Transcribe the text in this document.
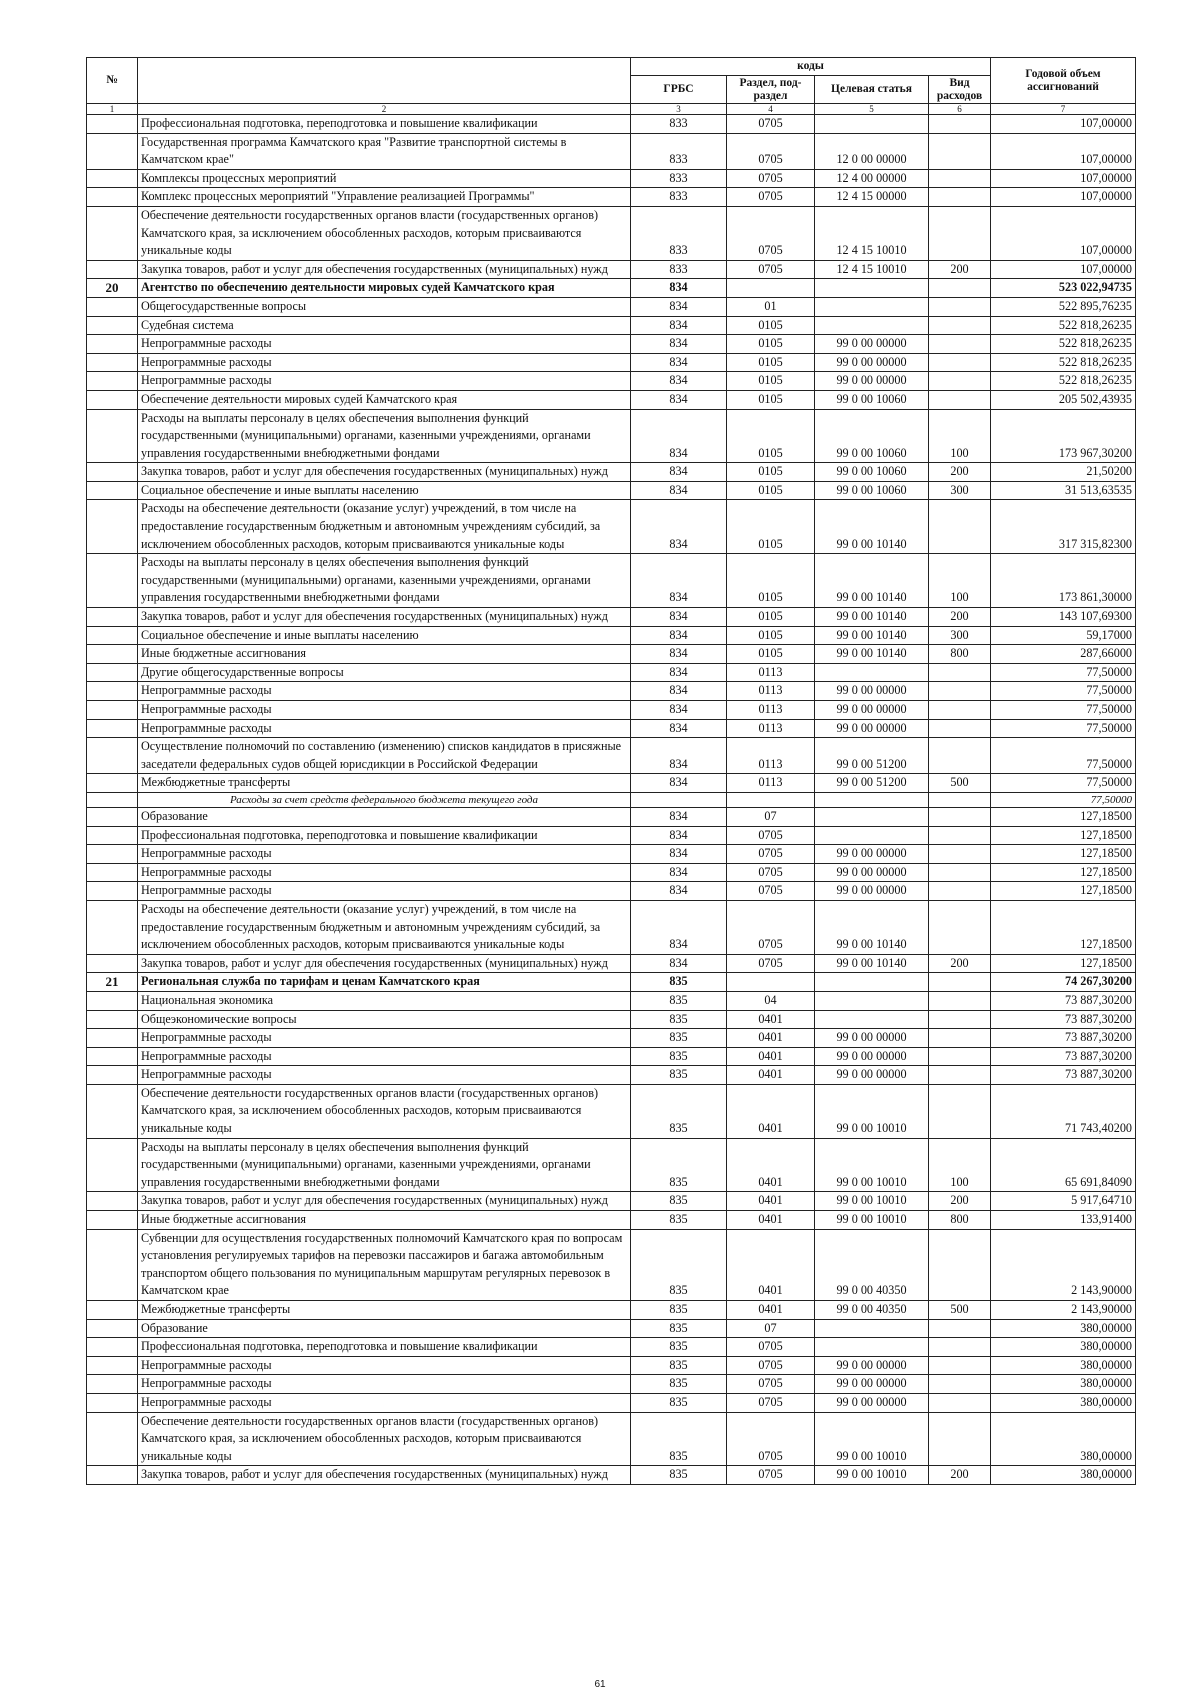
№		коды				Годовой объем ассигнований
		ГРБС	Раздел, под-раздел	Целевая статья	Вид расходов	
1	2	3	4	5	6	7
	Профессиональная подготовка, переподготовка и повышение квалификации	833	0705			107,00000
	Государственная программа Камчатского края "Развитие транспортной системы в Камчатском крае"	833	0705	12 0 00 00000		107,00000
	Комплексы процессных мероприятий	833	0705	12 4 00 00000		107,00000
	Комплекс процессных мероприятий "Управление реализацией Программы"	833	0705	12 4 15 00000		107,00000
	Обеспечение деятельности государственных органов власти (государственных органов) Камчатского края, за исключением обособленных расходов, которым присваиваются уникальные коды	833	0705	12 4 15 10010		107,00000
	Закупка товаров, работ и услуг для обеспечения государственных (муниципальных) нужд	833	0705	12 4 15 10010	200	107,00000
20	Агентство по обеспечению деятельности мировых судей Камчатского края	834				523 022,94735
	Общегосударственные вопросы	834	01			522 895,76235
	Судебная система	834	0105			522 818,26235
	Непрограммные расходы	834	0105	99 0 00 00000		522 818,26235
	Непрограммные расходы	834	0105	99 0 00 00000		522 818,26235
	Непрограммные расходы	834	0105	99 0 00 00000		522 818,26235
	Обеспечение деятельности мировых судей Камчатского края	834	0105	99 0 00 10060		205 502,43935
	Расходы на выплаты персоналу в целях обеспечения выполнения функций государственными (муниципальными) органами, казенными учреждениями, органами управления государственными внебюджетными фондами	834	0105	99 0 00 10060	100	173 967,30200
	Закупка товаров, работ и услуг для обеспечения государственных (муниципальных) нужд	834	0105	99 0 00 10060	200	21,50200
	Социальное обеспечение и иные выплаты населению	834	0105	99 0 00 10060	300	31 513,63535
	Расходы на обеспечение деятельности (оказание услуг) учреждений, в том числе на предоставление государственным бюджетным и автономным учреждениям субсидий, за исключением обособленных расходов, которым присваиваются уникальные коды	834	0105	99 0 00 10140		317 315,82300
	Расходы на выплаты персоналу в целях обеспечения выполнения функций государственными (муниципальными) органами, казенными учреждениями, органами управления государственными внебюджетными фондами	834	0105	99 0 00 10140	100	173 861,30000
	Закупка товаров, работ и услуг для обеспечения государственных (муниципальных) нужд	834	0105	99 0 00 10140	200	143 107,69300
	Социальное обеспечение и иные выплаты населению	834	0105	99 0 00 10140	300	59,17000
	Иные бюджетные ассигнования	834	0105	99 0 00 10140	800	287,66000
	Другие общегосударственные вопросы	834	0113			77,50000
	Непрограммные расходы	834	0113	99 0 00 00000		77,50000
	Непрограммные расходы	834	0113	99 0 00 00000		77,50000
	Непрограммные расходы	834	0113	99 0 00 00000		77,50000
	Осуществление полномочий по составлению (изменению) списков кандидатов в присяжные заседатели федеральных судов общей юрисдикции в Российской Федерации	834	0113	99 0 00 51200		77,50000
	Межбюджетные трансферты	834	0113	99 0 00 51200	500	77,50000
	Расходы за счет средств федерального бюджета текущего года					77,50000
	Образование	834	07			127,18500
	Профессиональная подготовка, переподготовка и повышение квалификации	834	0705			127,18500
	Непрограммные расходы	834	0705	99 0 00 00000		127,18500
	Непрограммные расходы	834	0705	99 0 00 00000		127,18500
	Непрограммные расходы	834	0705	99 0 00 00000		127,18500
	Расходы на обеспечение деятельности (оказание услуг) учреждений, в том числе на предоставление государственным бюджетным и автономным учреждениям субсидий, за исключением обособленных расходов, которым присваиваются уникальные коды	834	0705	99 0 00 10140		127,18500
	Закупка товаров, работ и услуг для обеспечения государственных (муниципальных) нужд	834	0705	99 0 00 10140	200	127,18500
21	Региональная служба по тарифам и ценам Камчатского края	835				74 267,30200
	Национальная экономика	835	04			73 887,30200
	Общеэкономические вопросы	835	0401			73 887,30200
	Непрограммные расходы	835	0401	99 0 00 00000		73 887,30200
	Непрограммные расходы	835	0401	99 0 00 00000		73 887,30200
	Непрограммные расходы	835	0401	99 0 00 00000		73 887,30200
	Обеспечение деятельности государственных органов власти (государственных органов) Камчатского края, за исключением обособленных расходов, которым присваиваются уникальные коды	835	0401	99 0 00 10010		71 743,40200
	Расходы на выплаты персоналу в целях обеспечения выполнения функций государственными (муниципальными) органами, казенными учреждениями, органами управления государственными внебюджетными фондами	835	0401	99 0 00 10010	100	65 691,84090
	Закупка товаров, работ и услуг для обеспечения государственных (муниципальных) нужд	835	0401	99 0 00 10010	200	5 917,64710
	Иные бюджетные ассигнования	835	0401	99 0 00 10010	800	133,91400
	Субвенции для осуществления государственных полномочий Камчатского края по вопросам установления регулируемых тарифов на перевозки пассажиров и багажа автомобильным транспортом общего пользования по муниципальным маршрутам регулярных перевозок в Камчатском крае	835	0401	99 0 00 40350		2 143,90000
	Межбюджетные трансферты	835	0401	99 0 00 40350	500	2 143,90000
	Образование	835	07			380,00000
	Профессиональная подготовка, переподготовка и повышение квалификации	835	0705			380,00000
	Непрограммные расходы	835	0705	99 0 00 00000		380,00000
	Непрограммные расходы	835	0705	99 0 00 00000		380,00000
	Непрограммные расходы	835	0705	99 0 00 00000		380,00000
	Обеспечение деятельности государственных органов власти (государственных органов) Камчатского края, за исключением обособленных расходов, которым присваиваются уникальные коды	835	0705	99 0 00 10010		380,00000
	Закупка товаров, работ и услуг для обеспечения государственных (муниципальных) нужд	835	0705	99 0 00 10010	200	380,00000
61
